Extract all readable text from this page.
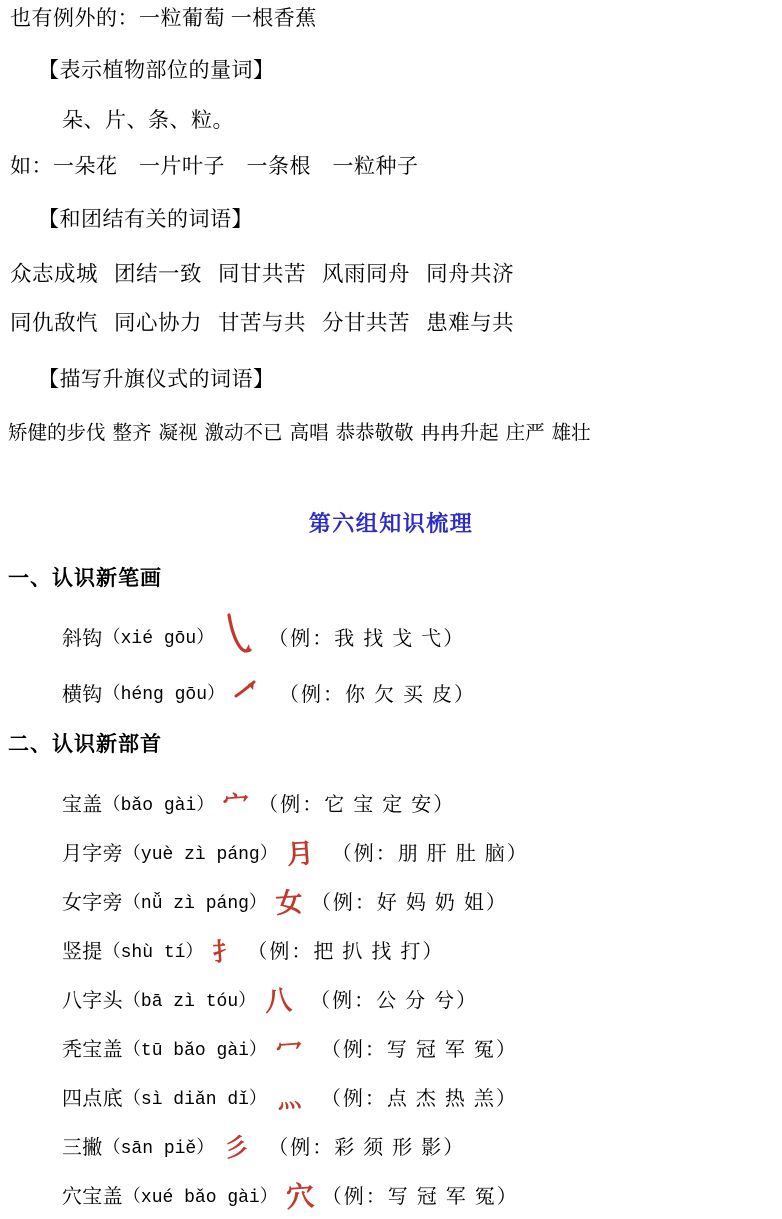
也有例外的：一粒葡萄 一根香蕉
【表示植物部位的量词】
朵、片、条、粒。
如：一朵花　一片叶子　一条根　一粒种子
【和团结有关的词语】
众志成城 团结一致 同甘共苦 风雨同舟 同舟共济
同仇敌忾 同心协力 甘苦与共 分甘共苦 患难与共
【描写升旗仪式的词语】
矫健的步伐 整齐 凝视 激动不已 高唱 恭恭敬敬 冉冉升起 庄严 雄壮
第六组知识梳理
一、认识新笔画
斜钩 （xié gōu）	（例：我 找 戈 弋）
横钩 （héng gōu）	（例：你 欠 买 皮）
二、认识新部首
宝盖 （bǎo gài） 宀 （例：它 宝 定 安）
月字旁 （yuè zì páng） 月 （例：朋 肝 肚 脑）
女字旁 （nǚ zì páng） 女 （例：好 妈 奶 姐）
竖提 （shù tí） 扌 （例：把 扒 找 打）
八字头 （bā zì tóu） 八 （例：公 分 兮）
秃宝盖 （tū bǎo gài） 冖 （例：写 冠 军 冤）
四点底 （sì diǎn dǐ） 灬 （例：点 杰 热 羔）
三撇 （sān piě） 彡 （例：彩 须 形 影）
穴宝盖 （xué bǎo gài） 穴 （例：写 冠 军 冤）
